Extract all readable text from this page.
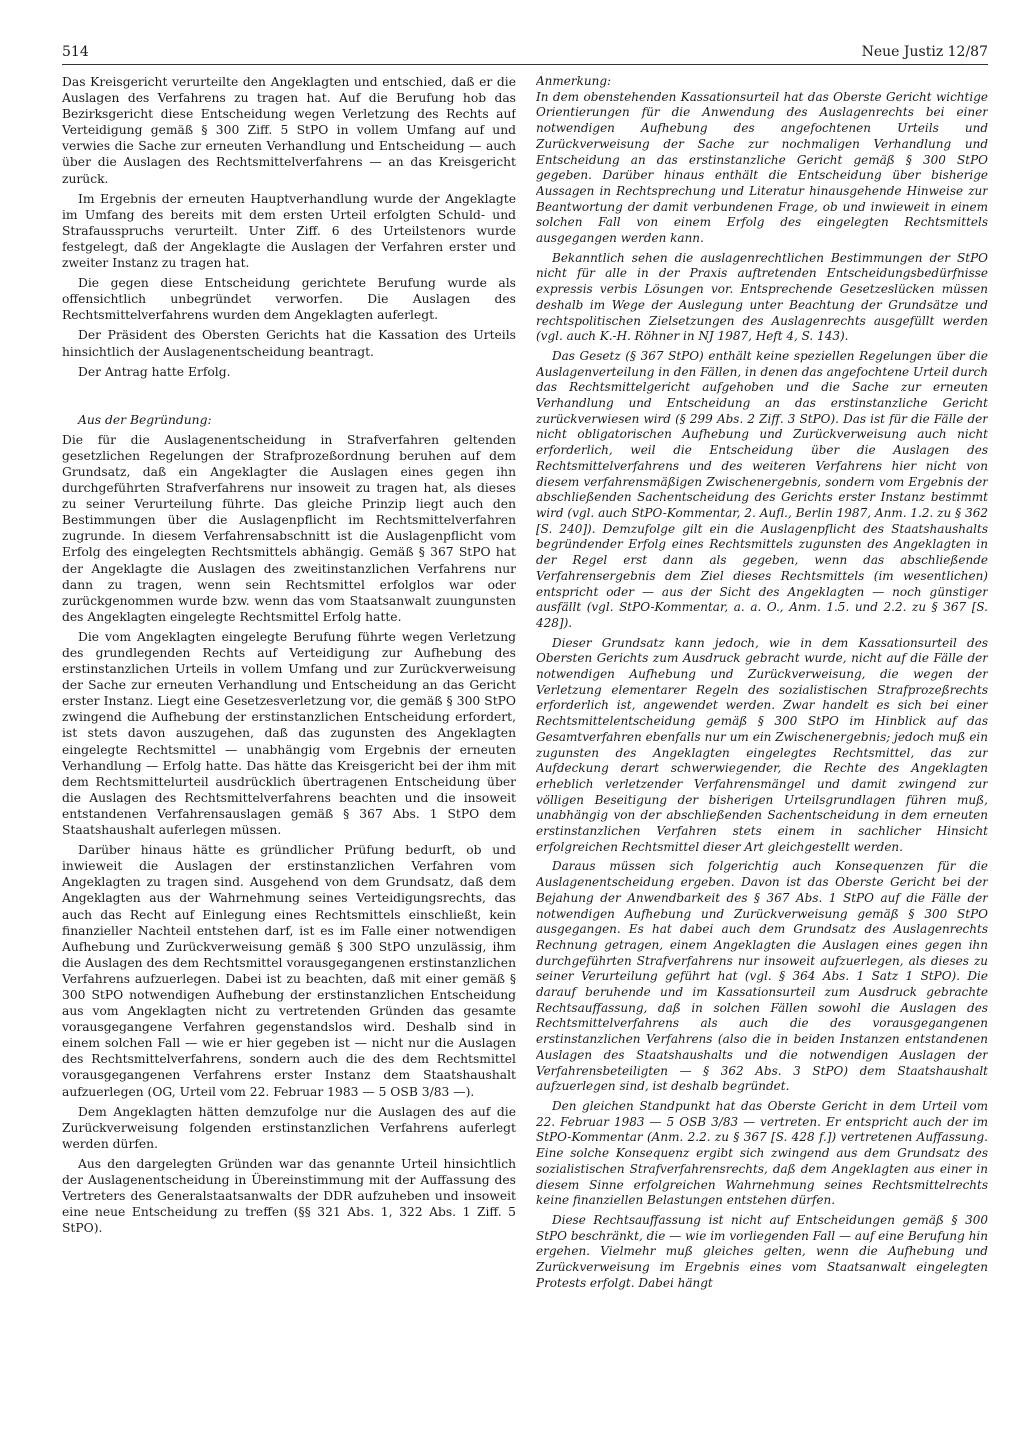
514	Neue Justiz 12/87

Das Kreisgericht verurteilte den Angeklagten und entschied, daß er die Auslagen des Verfahrens zu tragen hat. Auf die Berufung hob das Bezirksgericht diese Entscheidung wegen Verletzung des Rechts auf Verteidigung gemäß § 300 Ziff. 5 StPO in vollem Umfang auf und verwies die Sache zur erneuten Verhandlung und Entscheidung — auch über die Auslagen des Rechtsmittelverfahrens — an das Kreisgericht zurück.

Im Ergebnis der erneuten Hauptverhandlung wurde der Angeklagte im Umfang des bereits mit dem ersten Urteil erfolgten Schuld- und Strafausspruchs verurteilt. Unter Ziff. 6 des Urteilstenors wurde festgelegt, daß der Angeklagte die Auslagen der Verfahren erster und zweiter Instanz zu tragen hat.

Die gegen diese Entscheidung gerichtete Berufung wurde als offensichtlich unbegründet verworfen. Die Auslagen des Rechtsmittelverfahrens wurden dem Angeklagten auferlegt.

Der Präsident des Obersten Gerichts hat die Kassation des Urteils hinsichtlich der Auslagenentscheidung beantragt.

Der Antrag hatte Erfolg.

Aus der Begründung:

Die für die Auslagenentscheidung in Strafverfahren geltenden gesetzlichen Regelungen der Strafprozeßordnung beruhen auf dem Grundsatz, daß ein Angeklagter die Auslagen eines gegen ihn durchgeführten Strafverfahrens nur insoweit zu tragen hat, als dieses zu seiner Verurteilung führte. Das gleiche Prinzip liegt auch den Bestimmungen über die Auslagenpflicht im Rechtsmittelverfahren zugrunde. In diesem Verfahrensabschnitt ist die Auslagenpflicht vom Erfolg des eingelegten Rechtsmittels abhängig. Gemäß § 367 StPO hat der Angeklagte die Auslagen des zweitinstanzlichen Verfahrens nur dann zu tragen, wenn sein Rechtsmittel erfolglos war oder zurückgenommen wurde bzw. wenn das vom Staatsanwalt zuungunsten des Angeklagten eingelegte Rechtsmittel Erfolg hatte.

Die vom Angeklagten eingelegte Berufung führte wegen Verletzung des grundlegenden Rechts auf Verteidigung zur Aufhebung des erstinstanzlichen Urteils in vollem Umfang und zur Zurückverweisung der Sache zur erneuten Verhandlung und Entscheidung an das Gericht erster Instanz. Liegt eine Gesetzesverletzung vor, die gemäß § 300 StPO zwingend die Aufhebung der erstinstanzlichen Entscheidung erfordert, ist stets davon auszugehen, daß das zugunsten des Angeklagten eingelegte Rechtsmittel — unabhängig vom Ergebnis der erneuten Verhandlung — Erfolg hatte. Das hätte das Kreisgericht bei der ihm mit dem Rechtsmittelurteil ausdrücklich übertragenen Entscheidung über die Auslagen des Rechtsmittelverfahrens beachten und die insoweit entstandenen Verfahrensauslagen gemäß § 367 Abs. 1 StPO dem Staatshaushalt auferlegen müssen.

Darüber hinaus hätte es gründlicher Prüfung bedurft, ob und inwieweit die Auslagen der erstinstanzlichen Verfahren vom Angeklagten zu tragen sind. Ausgehend von dem Grundsatz, daß dem Angeklagten aus der Wahrnehmung seines Verteidigungsrechts, das auch das Recht auf Einlegung eines Rechtsmittels einschließt, kein finanzieller Nachteil entstehen darf, ist es im Falle einer notwendigen Aufhebung und Zurückverweisung gemäß § 300 StPO unzulässig, ihm die Auslagen des dem Rechtsmittel vorausgegangenen erstinstanzlichen Verfahrens aufzuerlegen. Dabei ist zu beachten, daß mit einer gemäß § 300 StPO notwendigen Aufhebung der erstinstanzlichen Entscheidung aus vom Angeklagten nicht zu vertretenden Gründen das gesamte vorausgegangene Verfahren gegenstandslos wird. Deshalb sind in einem solchen Fall — wie er hier gegeben ist — nicht nur die Auslagen des Rechtsmittelverfahrens, sondern auch die des dem Rechtsmittel vorausgegangenen Verfahrens erster Instanz dem Staatshaushalt aufzuerlegen (OG, Urteil vom 22. Februar 1983 — 5 OSB 3/83 —).

Dem Angeklagten hätten demzufolge nur die Auslagen des auf die Zurückverweisung folgenden erstinstanzlichen Verfahrens auferlegt werden dürfen.

Aus den dargelegten Gründen war das genannte Urteil hinsichtlich der Auslagenentscheidung in Übereinstimmung mit der Auffassung des Vertreters des Generalstaatsanwalts der DDR aufzuheben und insoweit eine neue Entscheidung zu treffen (§§ 321 Abs. 1, 322 Abs. 1 Ziff. 5 StPO).

Anmerkung:

In dem obenstehenden Kassationsurteil hat das Oberste Gericht wichtige Orientierungen für die Anwendung des Auslagenrechts bei einer notwendigen Aufhebung des angefochtenen Urteils und Zurückverweisung der Sache zur nochmaligen Verhandlung und Entscheidung an das erstinstanzliche Gericht gemäß § 300 StPO gegeben. Darüber hinaus enthält die Entscheidung über bisherige Aussagen in Rechtsprechung und Literatur hinausgehende Hinweise zur Beantwortung der damit verbundenen Frage, ob und inwieweit in einem solchen Fall von einem Erfolg des eingelegten Rechtsmittels ausgegangen werden kann.

Bekanntlich sehen die auslagenrechtlichen Bestimmungen der StPO nicht für alle in der Praxis auftretenden Entscheidungsbedürfnisse expressis verbis Lösungen vor. Entsprechende Gesetzeslücken müssen deshalb im Wege der Auslegung unter Beachtung der Grundsätze und rechtspolitischen Zielsetzungen des Auslagenrechts ausgefüllt werden (vgl. auch K.-H. Röhner in NJ 1987, Heft 4, S. 143).

Das Gesetz (§ 367 StPO) enthält keine speziellen Regelungen über die Auslagenverteilung in den Fällen, in denen das angefochtene Urteil durch das Rechtsmittelgericht aufgehoben und die Sache zur erneuten Verhandlung und Entscheidung an das erstinstanzliche Gericht zurückverwiesen wird (§ 299 Abs. 2 Ziff. 3 StPO). Das ist für die Fälle der nicht obligatorischen Aufhebung und Zurückverweisung auch nicht erforderlich, weil die Entscheidung über die Auslagen des Rechtsmittelverfahrens und des weiteren Verfahrens hier nicht von diesem verfahrensmäßigen Zwischenergebnis, sondern vom Ergebnis der abschließenden Sachentscheidung des Gerichts erster Instanz bestimmt wird (vgl. auch StPO-Kommentar, 2. Aufl., Berlin 1987, Anm. 1.2. zu § 362 [S. 240]). Demzufolge gilt ein die Auslagenpflicht des Staatshaushalts begründender Erfolg eines Rechtsmittels zugunsten des Angeklagten in der Regel erst dann als gegeben, wenn das abschließende Verfahrensergebnis dem Ziel dieses Rechtsmittels (im wesentlichen) entspricht oder — aus der Sicht des Angeklagten — noch günstiger ausfällt (vgl. StPO-Kommentar, a. a. O., Anm. 1.5. und 2.2. zu § 367 [S. 428]).

Dieser Grundsatz kann jedoch, wie in dem Kassationsurteil des Obersten Gerichts zum Ausdruck gebracht wurde, nicht auf die Fälle der notwendigen Aufhebung und Zurückverweisung, die wegen der Verletzung elementarer Regeln des sozialistischen Strafprozeßrechts erforderlich ist, angewendet werden. Zwar handelt es sich bei einer Rechtsmittelentscheidung gemäß § 300 StPO im Hinblick auf das Gesamtverfahren ebenfalls nur um ein Zwischenergebnis; jedoch muß ein zugunsten des Angeklagten eingelegtes Rechtsmittel, das zur Aufdeckung derart schwerwiegender, die Rechte des Angeklagten erheblich verletzender Verfahrensmängel und damit zwingend zur völligen Beseitigung der bisherigen Urteilsgrundlagen führen muß, unabhängig von der abschließenden Sachentscheidung in dem erneuten erstinstanzlichen Verfahren stets einem in sachlicher Hinsicht erfolgreichen Rechtsmittel dieser Art gleichgestellt werden.

Daraus müssen sich folgerichtig auch Konsequenzen für die Auslagenentscheidung ergeben. Davon ist das Oberste Gericht bei der Bejahung der Anwendbarkeit des § 367 Abs. 1 StPO auf die Fälle der notwendigen Aufhebung und Zurückverweisung gemäß § 300 StPO ausgegangen. Es hat dabei auch dem Grundsatz des Auslagenrechts Rechnung getragen, einem Angeklagten die Auslagen eines gegen ihn durchgeführten Strafverfahrens nur insoweit aufzuerlegen, als dieses zu seiner Verurteilung geführt hat (vgl. § 364 Abs. 1 Satz 1 StPO). Die darauf beruhende und im Kassationsurteil zum Ausdruck gebrachte Rechtsauffassung, daß in solchen Fällen sowohl die Auslagen des Rechtsmittelverfahrens als auch die des vorausgegangenen erstinstanzlichen Verfahrens (also die in beiden Instanzen entstandenen Auslagen des Staatshaushalts und die notwendigen Auslagen der Verfahrensbeteiligten — § 362 Abs. 3 StPO) dem Staatshaushalt aufzuerlegen sind, ist deshalb begründet.

Den gleichen Standpunkt hat das Oberste Gericht in dem Urteil vom 22. Februar 1983 — 5 OSB 3/83 — vertreten. Er entspricht auch der im StPO-Kommentar (Anm. 2.2. zu § 367 [S. 428 f.]) vertretenen Auffassung. Eine solche Konsequenz ergibt sich zwingend aus dem Grundsatz des sozialistischen Strafverfahrensrechts, daß dem Angeklagten aus einer in diesem Sinne erfolgreichen Wahrnehmung seines Rechtsmittelrechts keine finanziellen Belastungen entstehen dürfen.

Diese Rechtsauffassung ist nicht auf Entscheidungen gemäß § 300 StPO beschränkt, die — wie im vorliegenden Fall — auf eine Berufung hin ergehen. Vielmehr muß gleiches gelten, wenn die Aufhebung und Zurückverweisung im Ergebnis eines vom Staatsanwalt eingelegten Protests erfolgt. Dabei hängt
